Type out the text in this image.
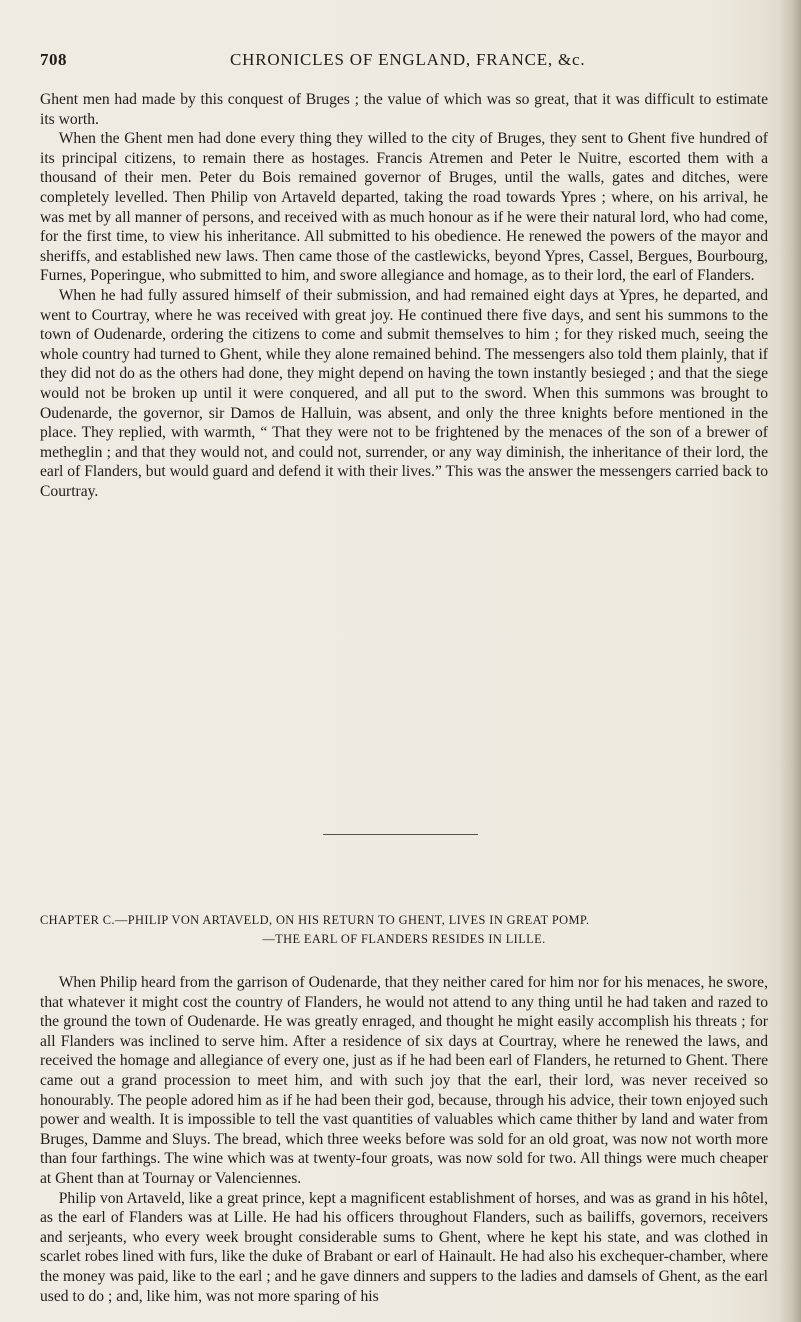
708	CHRONICLES OF ENGLAND, FRANCE, &c.

Ghent men had made by this conquest of Bruges ; the value of which was so great, that it was difficult to estimate its worth.

When the Ghent men had done every thing they willed to the city of Bruges, they sent to Ghent five hundred of its principal citizens, to remain there as hostages. Francis Atremen and Peter le Nuitre, escorted them with a thousand of their men. Peter du Bois remained governor of Bruges, until the walls, gates and ditches, were completely levelled. Then Philip von Artaveld departed, taking the road towards Ypres ; where, on his arrival, he was met by all manner of persons, and received with as much honour as if he were their natural lord, who had come, for the first time, to view his inheritance. All submitted to his obedience. He renewed the powers of the mayor and sheriffs, and established new laws. Then came those of the castlewicks, beyond Ypres, Cassel, Bergues, Bourbourg, Furnes, Poperingue, who submitted to him, and swore allegiance and homage, as to their lord, the earl of Flanders.

When he had fully assured himself of their submission, and had remained eight days at Ypres, he departed, and went to Courtray, where he was received with great joy. He continued there five days, and sent his summons to the town of Oudenarde, ordering the citizens to come and submit themselves to him ; for they risked much, seeing the whole country had turned to Ghent, while they alone remained behind. The messengers also told them plainly, that if they did not do as the others had done, they might depend on having the town instantly besieged ; and that the siege would not be broken up until it were conquered, and all put to the sword. When this summons was brought to Oudenarde, the governor, sir Damos de Halluin, was absent, and only the three knights before mentioned in the place. They replied, with warmth, “ That they were not to be frightened by the menaces of the son of a brewer of metheglin ; and that they would not, and could not, surrender, or any way diminish, the inheritance of their lord, the earl of Flanders, but would guard and defend it with their lives.” This was the answer the messengers carried back to Courtray.

CHAPTER C.—PHILIP VON ARTAVELD, ON HIS RETURN TO GHENT, LIVES IN GREAT POMP.
—THE EARL OF FLANDERS RESIDES IN LILLE.

When Philip heard from the garrison of Oudenarde, that they neither cared for him nor for his menaces, he swore, that whatever it might cost the country of Flanders, he would not attend to any thing until he had taken and razed to the ground the town of Oudenarde. He was greatly enraged, and thought he might easily accomplish his threats ; for all Flanders was inclined to serve him. After a residence of six days at Courtray, where he renewed the laws, and received the homage and allegiance of every one, just as if he had been earl of Flanders, he returned to Ghent. There came out a grand procession to meet him, and with such joy that the earl, their lord, was never received so honourably. The people adored him as if he had been their god, because, through his advice, their town enjoyed such power and wealth. It is impossible to tell the vast quantities of valuables which came thither by land and water from Bruges, Damme and Sluys. The bread, which three weeks before was sold for an old groat, was now not worth more than four farthings. The wine which was at twenty-four groats, was now sold for two. All things were much cheaper at Ghent than at Tournay or Valenciennes.

Philip von Artaveld, like a great prince, kept a magnificent establishment of horses, and was as grand in his hôtel, as the earl of Flanders was at Lille. He had his officers throughout Flanders, such as bailiffs, governors, receivers and serjeants, who every week brought considerable sums to Ghent, where he kept his state, and was clothed in scarlet robes lined with furs, like the duke of Brabant or earl of Hainault. He had also his exchequer-chamber, where the money was paid, like to the earl ; and he gave dinners and suppers to the ladies and damsels of Ghent, as the earl used to do ; and, like him, was not more sparing of his
